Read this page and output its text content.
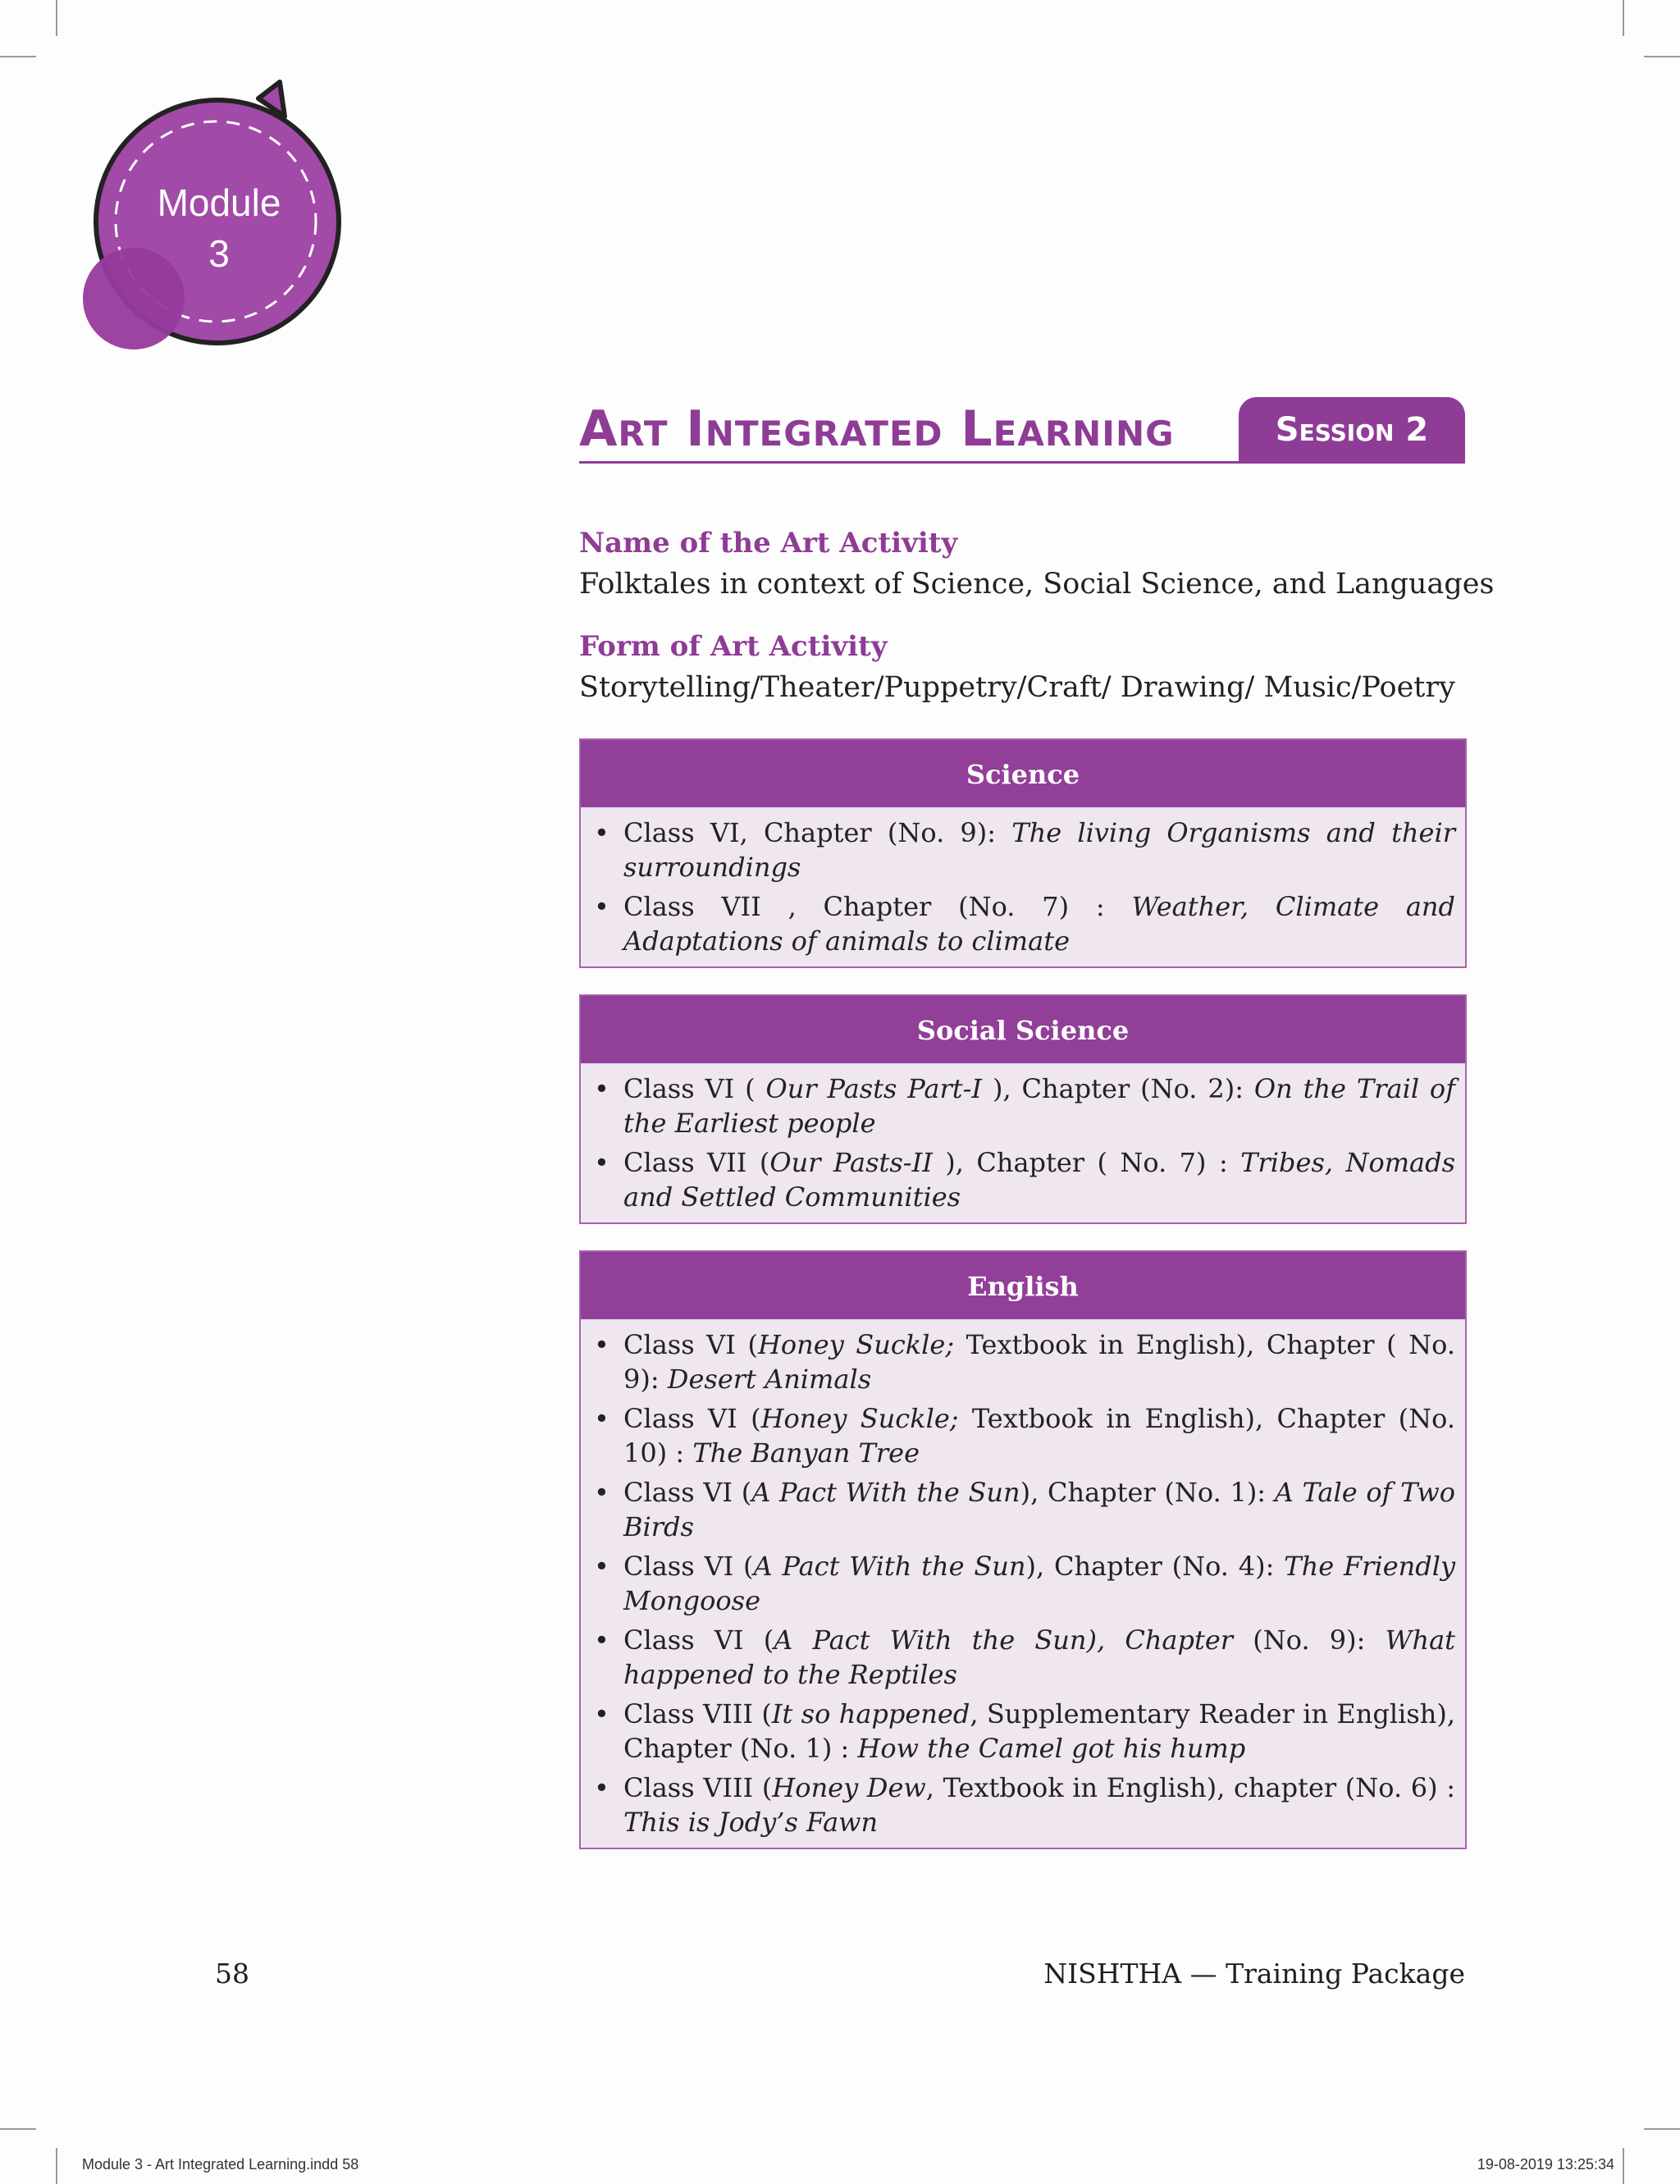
Module
3
Art Integrated Learning	Session 2
Name of the Art Activity
Folktales in context of Science, Social Science, and Languages
Form of Art Activity
Storytelling/Theater/Puppetry/Craft/ Drawing/ Music/Poetry
Science
• Class VI, Chapter (No. 9): The living Organisms and their surroundings
• Class VII , Chapter (No. 7) : Weather, Climate and Adaptations of animals to climate
Social Science
• Class VI ( Our Pasts Part-I ), Chapter (No. 2): On the Trail of the Earliest people
• Class VII (Our Pasts-II ), Chapter ( No. 7) : Tribes, Nomads and Settled Communities
English
• Class VI (Honey Suckle; Textbook in English), Chapter ( No. 9): Desert Animals
• Class VI (Honey Suckle; Textbook in English), Chapter (No. 10) : The Banyan Tree
• Class VI (A Pact With the Sun), Chapter (No. 1): A Tale of Two Birds
• Class VI (A Pact With the Sun), Chapter (No. 4): The Friendly Mongoose
• Class VI (A Pact With the Sun), Chapter (No. 9): What happened to the Reptiles
• Class VIII (It so happened, Supplementary Reader in English), Chapter (No. 1) : How the Camel got his hump
• Class VIII (Honey Dew, Textbook in English), chapter (No. 6) : This is Jody’s Fawn
58	NISHTHA — Training Package
Module 3 - Art Integrated Learning.indd 58	19-08-2019 13:25:34
